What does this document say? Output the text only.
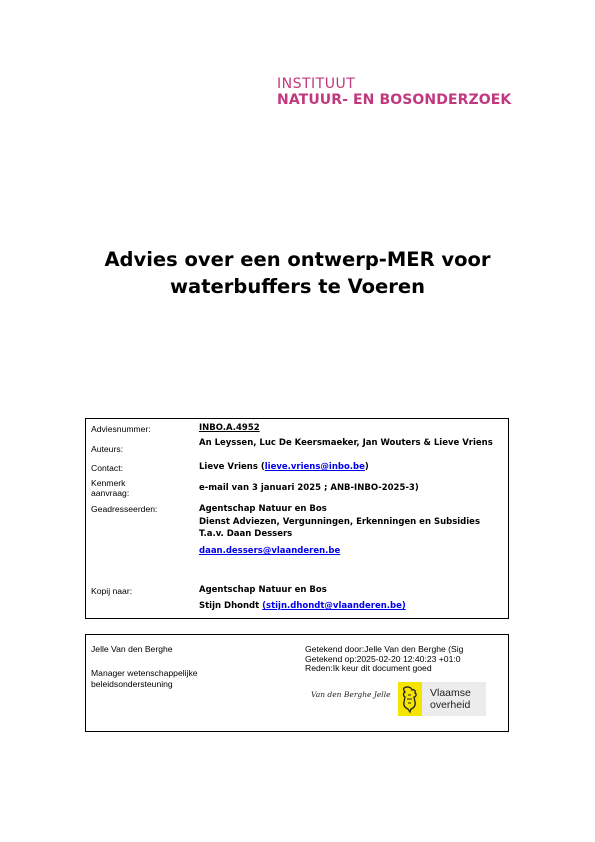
INSTITUUT
NATUUR- EN BOSONDERZOEK
Advies over een ontwerp-MER voor
waterbuffers te Voeren
Adviesnummer:	INBO.A.4952
Auteurs:
An Leyssen, Luc De Keersmaeker, Jan Wouters & Lieve Vriens
Contact:	Lieve Vriens (lieve.vriens@inbo.be)
Kenmerk
aanvraag:	e-mail van 3 januari 2025 ; ANB-INBO-2025-3)
Geadresseerden:	Agentschap Natuur en Bos
Dienst Adviezen, Vergunningen, Erkenningen en Subsidies
T.a.v. Daan Dessers
daan.dessers@vlaanderen.be
Kopij naar:	Agentschap Natuur en Bos
Stijn Dhondt (stijn.dhondt@vlaanderen.be)
Jelle Van den Berghe
Manager wetenschappelijke
beleidsondersteuning
Getekend door:Jelle Van den Berghe (Sig
Getekend op:2025-02-20 12:40:23 +01:0
Reden:Ik keur dit document goed
Van den Berghe Jelle	Vlaamse
overheid
